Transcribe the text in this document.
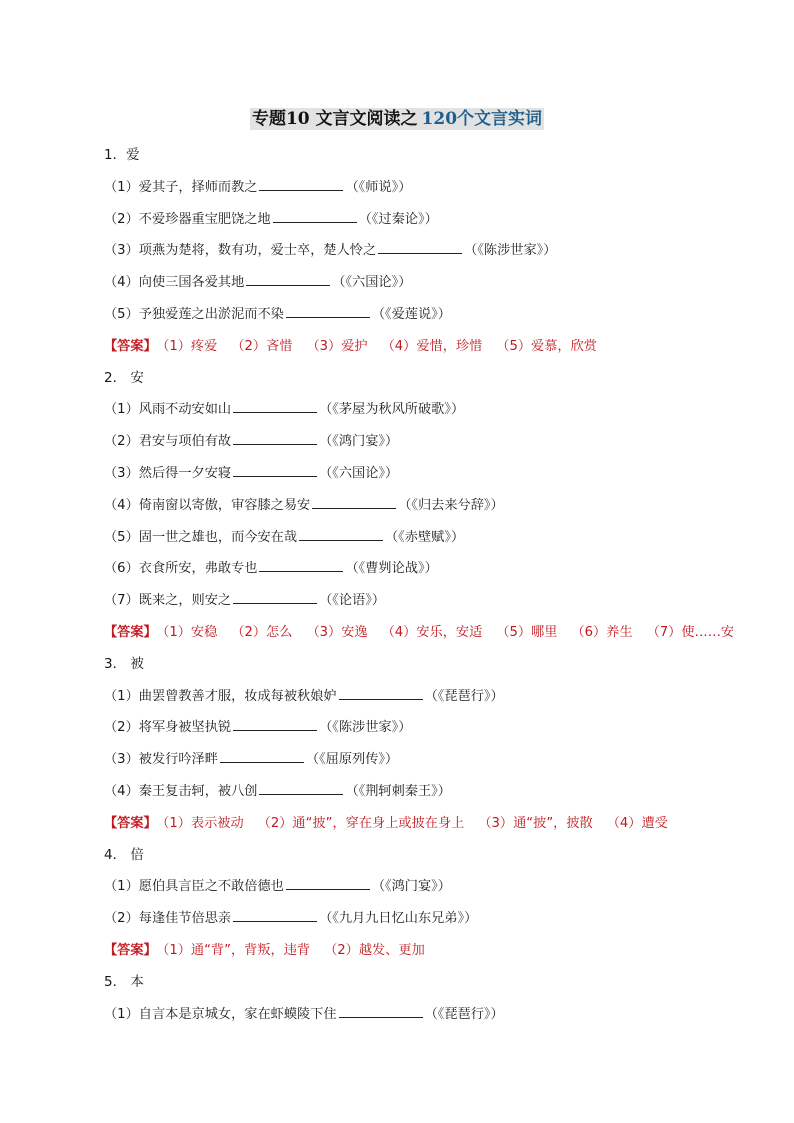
专题10 文言文阅读之 120个文言实词
1．爱
（1）爱其子，择师而教之	（《师说》）
（2）不爱珍器重宝肥饶之地	（《过秦论》）
（3）项燕为楚将，数有功，爱士卒，楚人怜之	（《陈涉世家》）
（4）向使三国各爱其地	（《六国论》）
（5）予独爱莲之出淤泥而不染	（《爱莲说》）
【答案】 （1）疼爱 （2）吝惜 （3）爱护 （4）爱惜，珍惜 （5）爱慕，欣赏
2． 安
（1）风雨不动安如山	（《茅屋为秋风所破歌》）
（2）君安与项伯有故	（《鸿门宴》）
（3）然后得一夕安寝	（《六国论》）
（4）倚南窗以寄傲，审容膝之易安	（《归去来兮辞》）
（5）固一世之雄也，而今安在哉	（《赤壁赋》）
（6）衣食所安，弗敢专也	（《曹刿论战》）
（7）既来之，则安之	（《论语》）
【答案】 （1）安稳 （2）怎么 （3）安逸 （4）安乐，安适 （5）哪里 （6）养生 （7）使……安
3． 被
（1）曲罢曾教善才服，妆成每被秋娘妒	（《琵琶行》）
（2）将军身被坚执锐	（《陈涉世家》）
（3）被发行吟泽畔	（《屈原列传》）
（4）秦王复击轲，被八创	（《荆轲刺秦王》）
【答案】 （1）表示被动 （2）通“披”，穿在身上或披在身上 （3）通“披”，披散 （4）遭受
4． 倍
（1）愿伯具言臣之不敢倍德也	（《鸿门宴》）
（2）每逢佳节倍思亲	（《九月九日忆山东兄弟》）
【答案】 （1）通“背”，背叛，违背 （2）越发、更加
5． 本
（1）自言本是京城女，家在虾蟆陵下住	（《琵琶行》）
